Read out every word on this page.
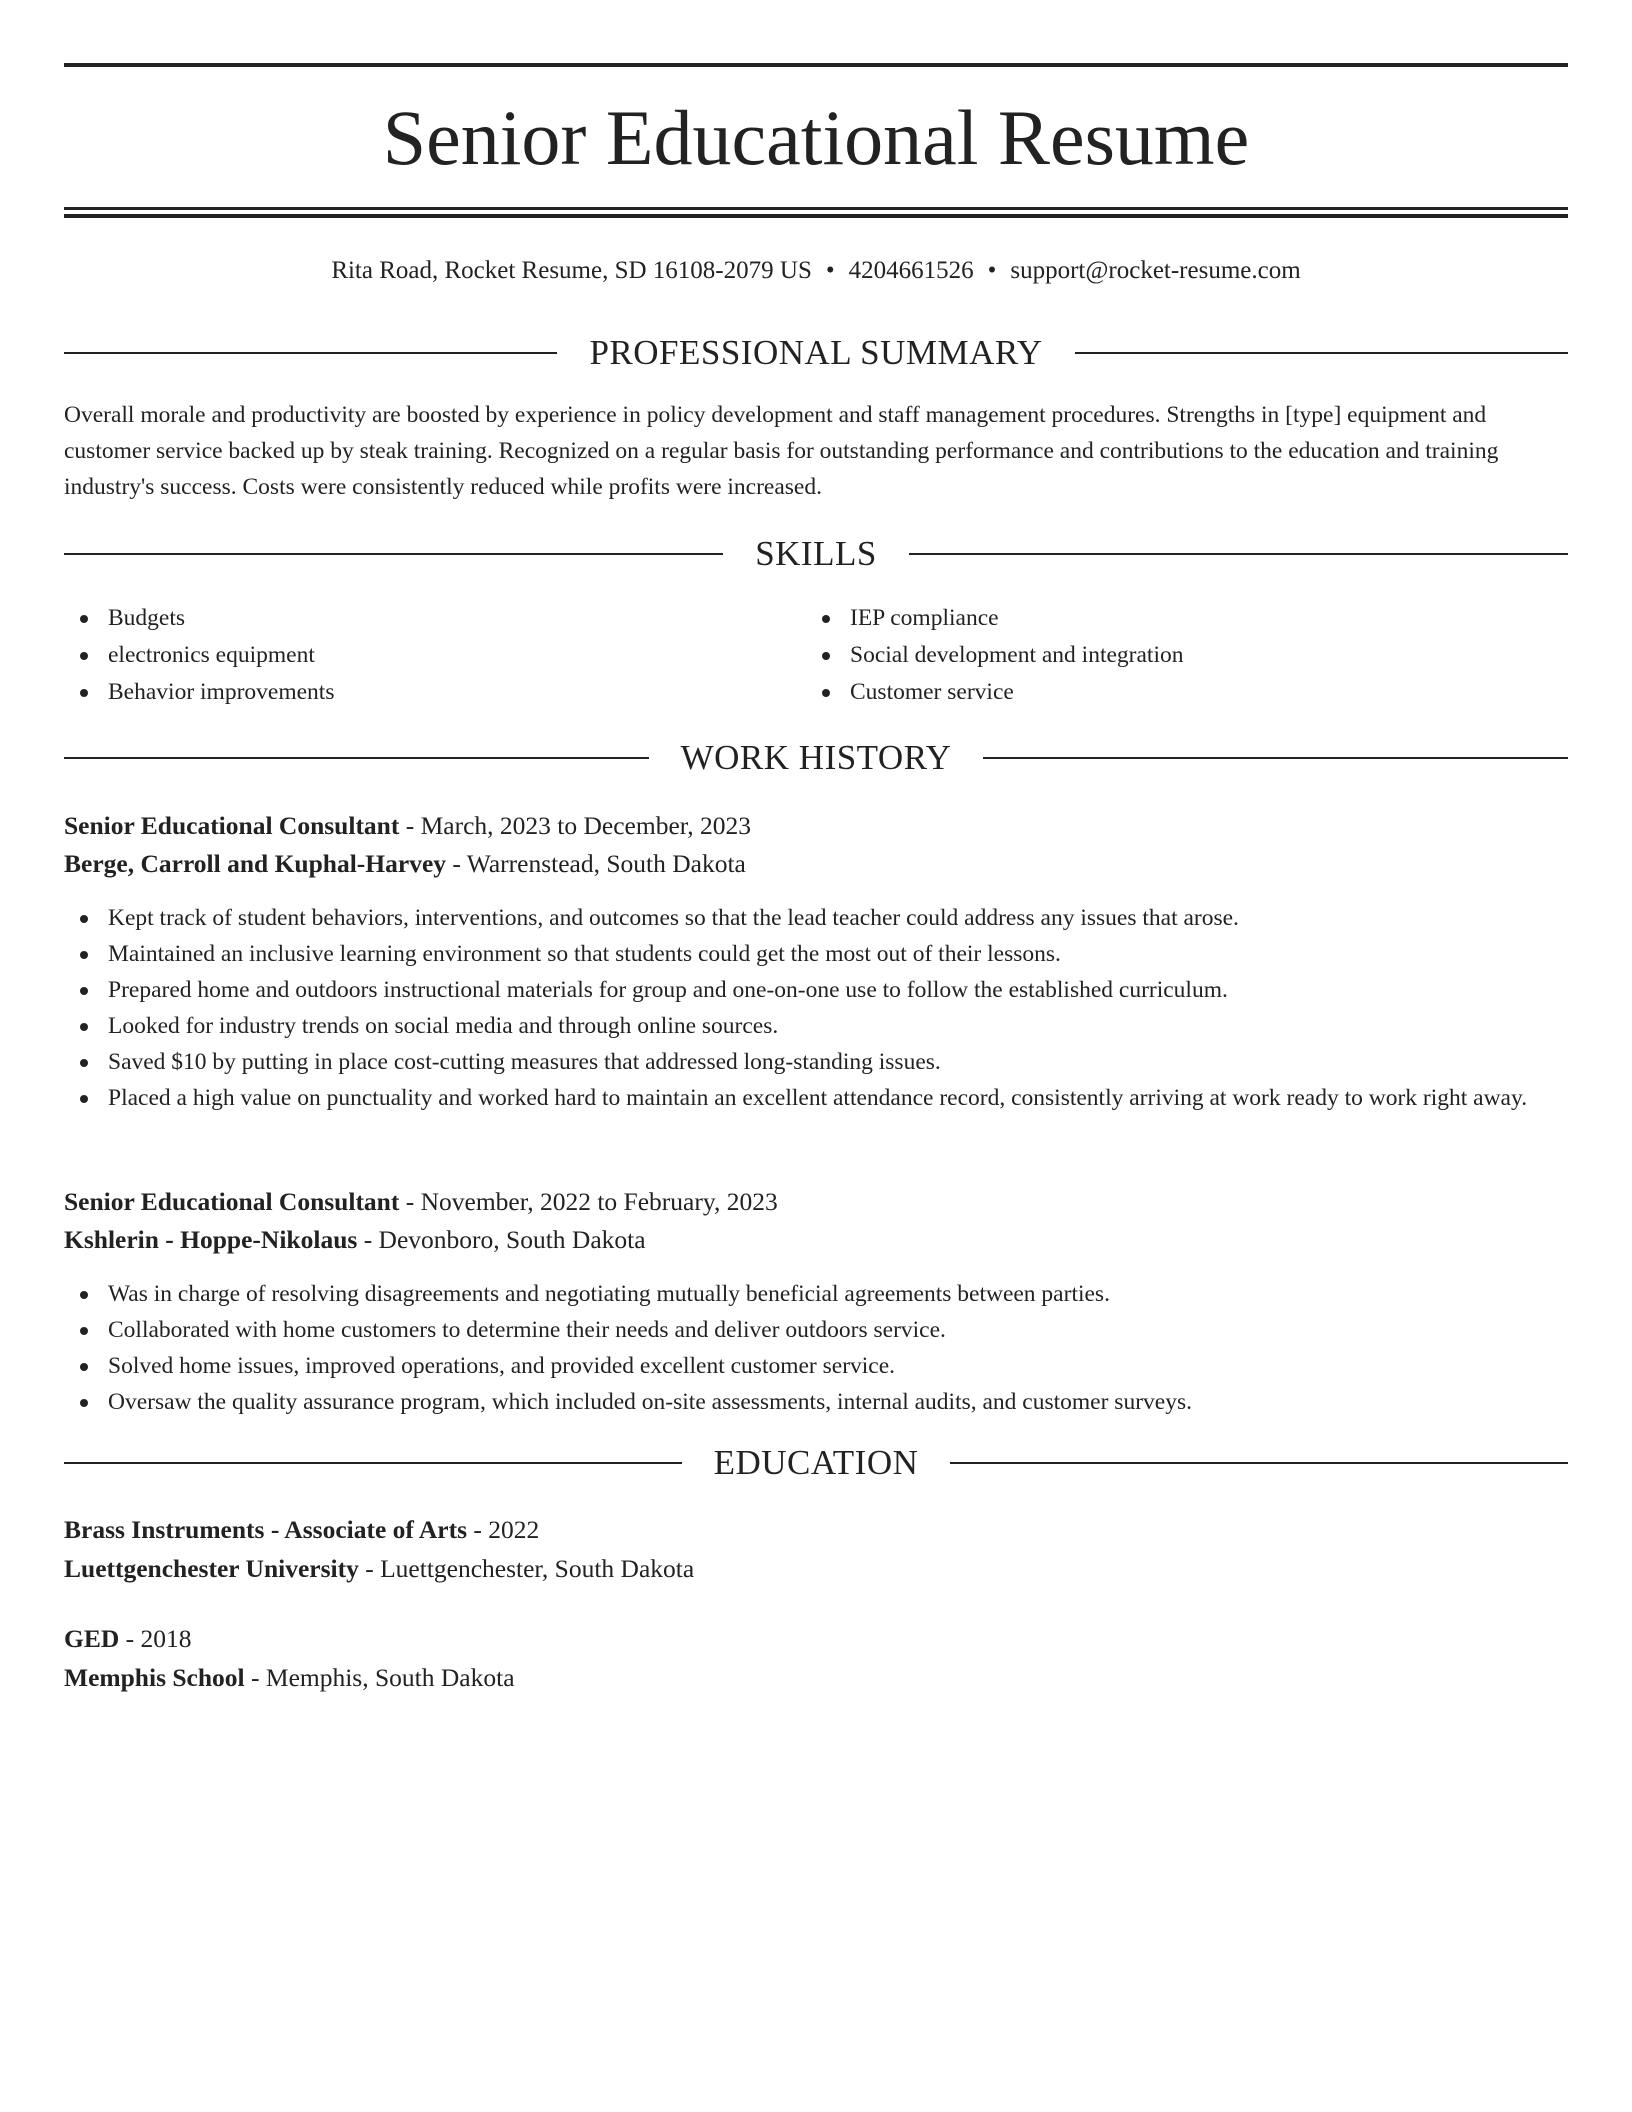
Senior Educational Resume
Rita Road, Rocket Resume, SD 16108-2079 US • 4204661526 • support@rocket-resume.com
PROFESSIONAL SUMMARY

Overall morale and productivity are boosted by experience in policy development and staff management procedures. Strengths in [type] equipment and customer service backed up by steak training. Recognized on a regular basis for outstanding performance and contributions to the education and training industry's success. Costs were consistently reduced while profits were increased.

SKILLS
Budgets
electronics equipment
Behavior improvements
IEP compliance
Social development and integration
Customer service
WORK HISTORY
Senior Educational Consultant - March, 2023 to December, 2023
Berge, Carroll and Kuphal-Harvey - Warrenstead, South Dakota
Kept track of student behaviors, interventions, and outcomes so that the lead teacher could address any issues that arose.
Maintained an inclusive learning environment so that students could get the most out of their lessons.
Prepared home and outdoors instructional materials for group and one-on-one use to follow the established curriculum.
Looked for industry trends on social media and through online sources.
Saved $10 by putting in place cost-cutting measures that addressed long-standing issues.
Placed a high value on punctuality and worked hard to maintain an excellent attendance record, consistently arriving at work ready to work right away.
Senior Educational Consultant - November, 2022 to February, 2023
Kshlerin - Hoppe-Nikolaus - Devonboro, South Dakota
Was in charge of resolving disagreements and negotiating mutually beneficial agreements between parties.
Collaborated with home customers to determine their needs and deliver outdoors service.
Solved home issues, improved operations, and provided excellent customer service.
Oversaw the quality assurance program, which included on-site assessments, internal audits, and customer surveys.
EDUCATION
Brass Instruments - Associate of Arts - 2022
Luettgenchester University - Luettgenchester, South Dakota
GED - 2018
Memphis School - Memphis, South Dakota
